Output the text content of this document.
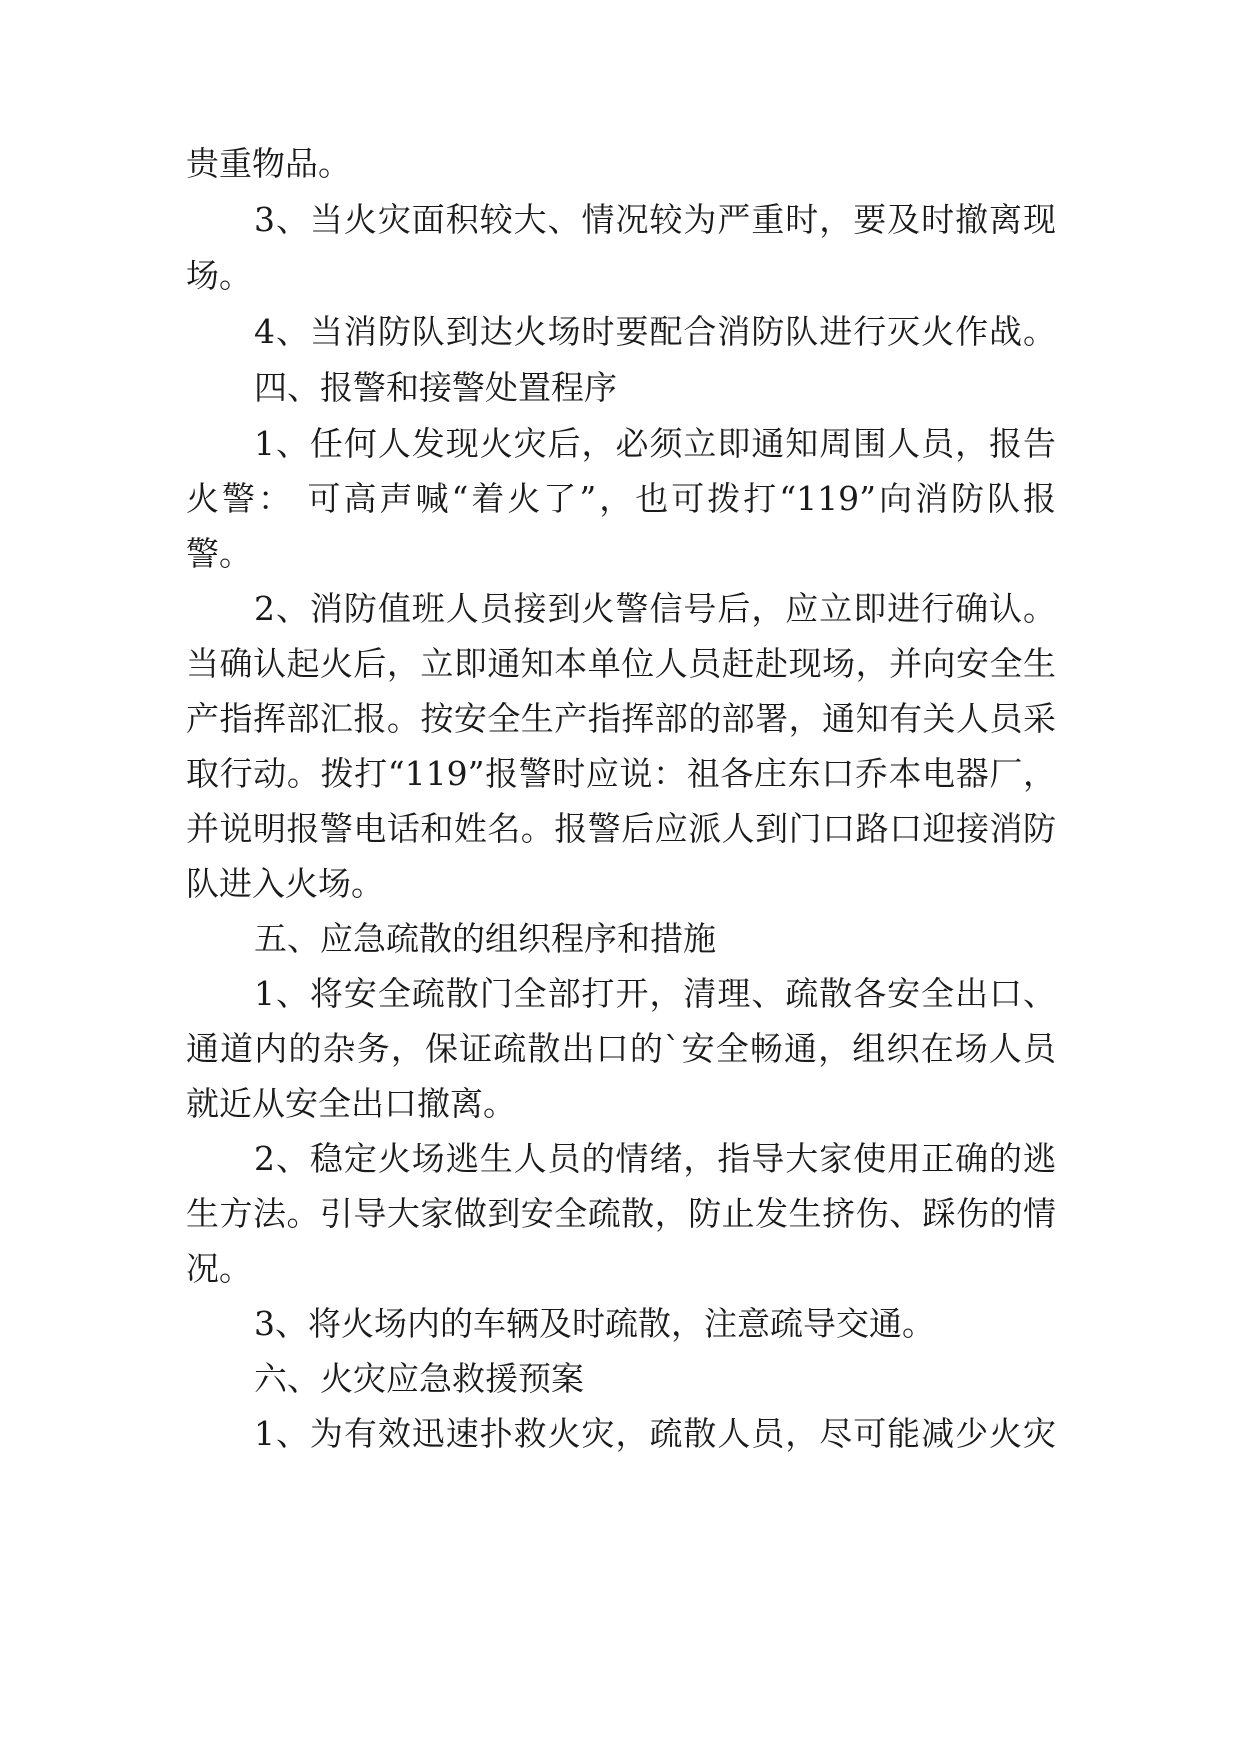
贵重物品。
3、当火灾面积较大、情况较为严重时，要及时撤离现
场。
4、当消防队到达火场时要配合消防队进行灭火作战。
四、报警和接警处置程序
1、任何人发现火灾后，必须立即通知周围人员，报告
火警： 可高声喊“着火了”，也可拨打“119”向消防队报
警。
2、消防值班人员接到火警信号后，应立即进行确认。
当确认起火后，立即通知本单位人员赶赴现场，并向安全生
产指挥部汇报。按安全生产指挥部的部署，通知有关人员采
取行动。拨打“119”报警时应说：祖各庄东口乔本电器厂，
并说明报警电话和姓名。报警后应派人到门口路口迎接消防
队进入火场。
五、应急疏散的组织程序和措施
1、将安全疏散门全部打开，清理、疏散各安全出口、
通道内的杂务，保证疏散出口的`安全畅通，组织在场人员
就近从安全出口撤离。
2、稳定火场逃生人员的情绪，指导大家使用正确的逃
生方法。引导大家做到安全疏散，防止发生挤伤、踩伤的情
况。
3、将火场内的车辆及时疏散，注意疏导交通。
六、火灾应急救援预案
1、为有效迅速扑救火灾，疏散人员，尽可能减少火灾
